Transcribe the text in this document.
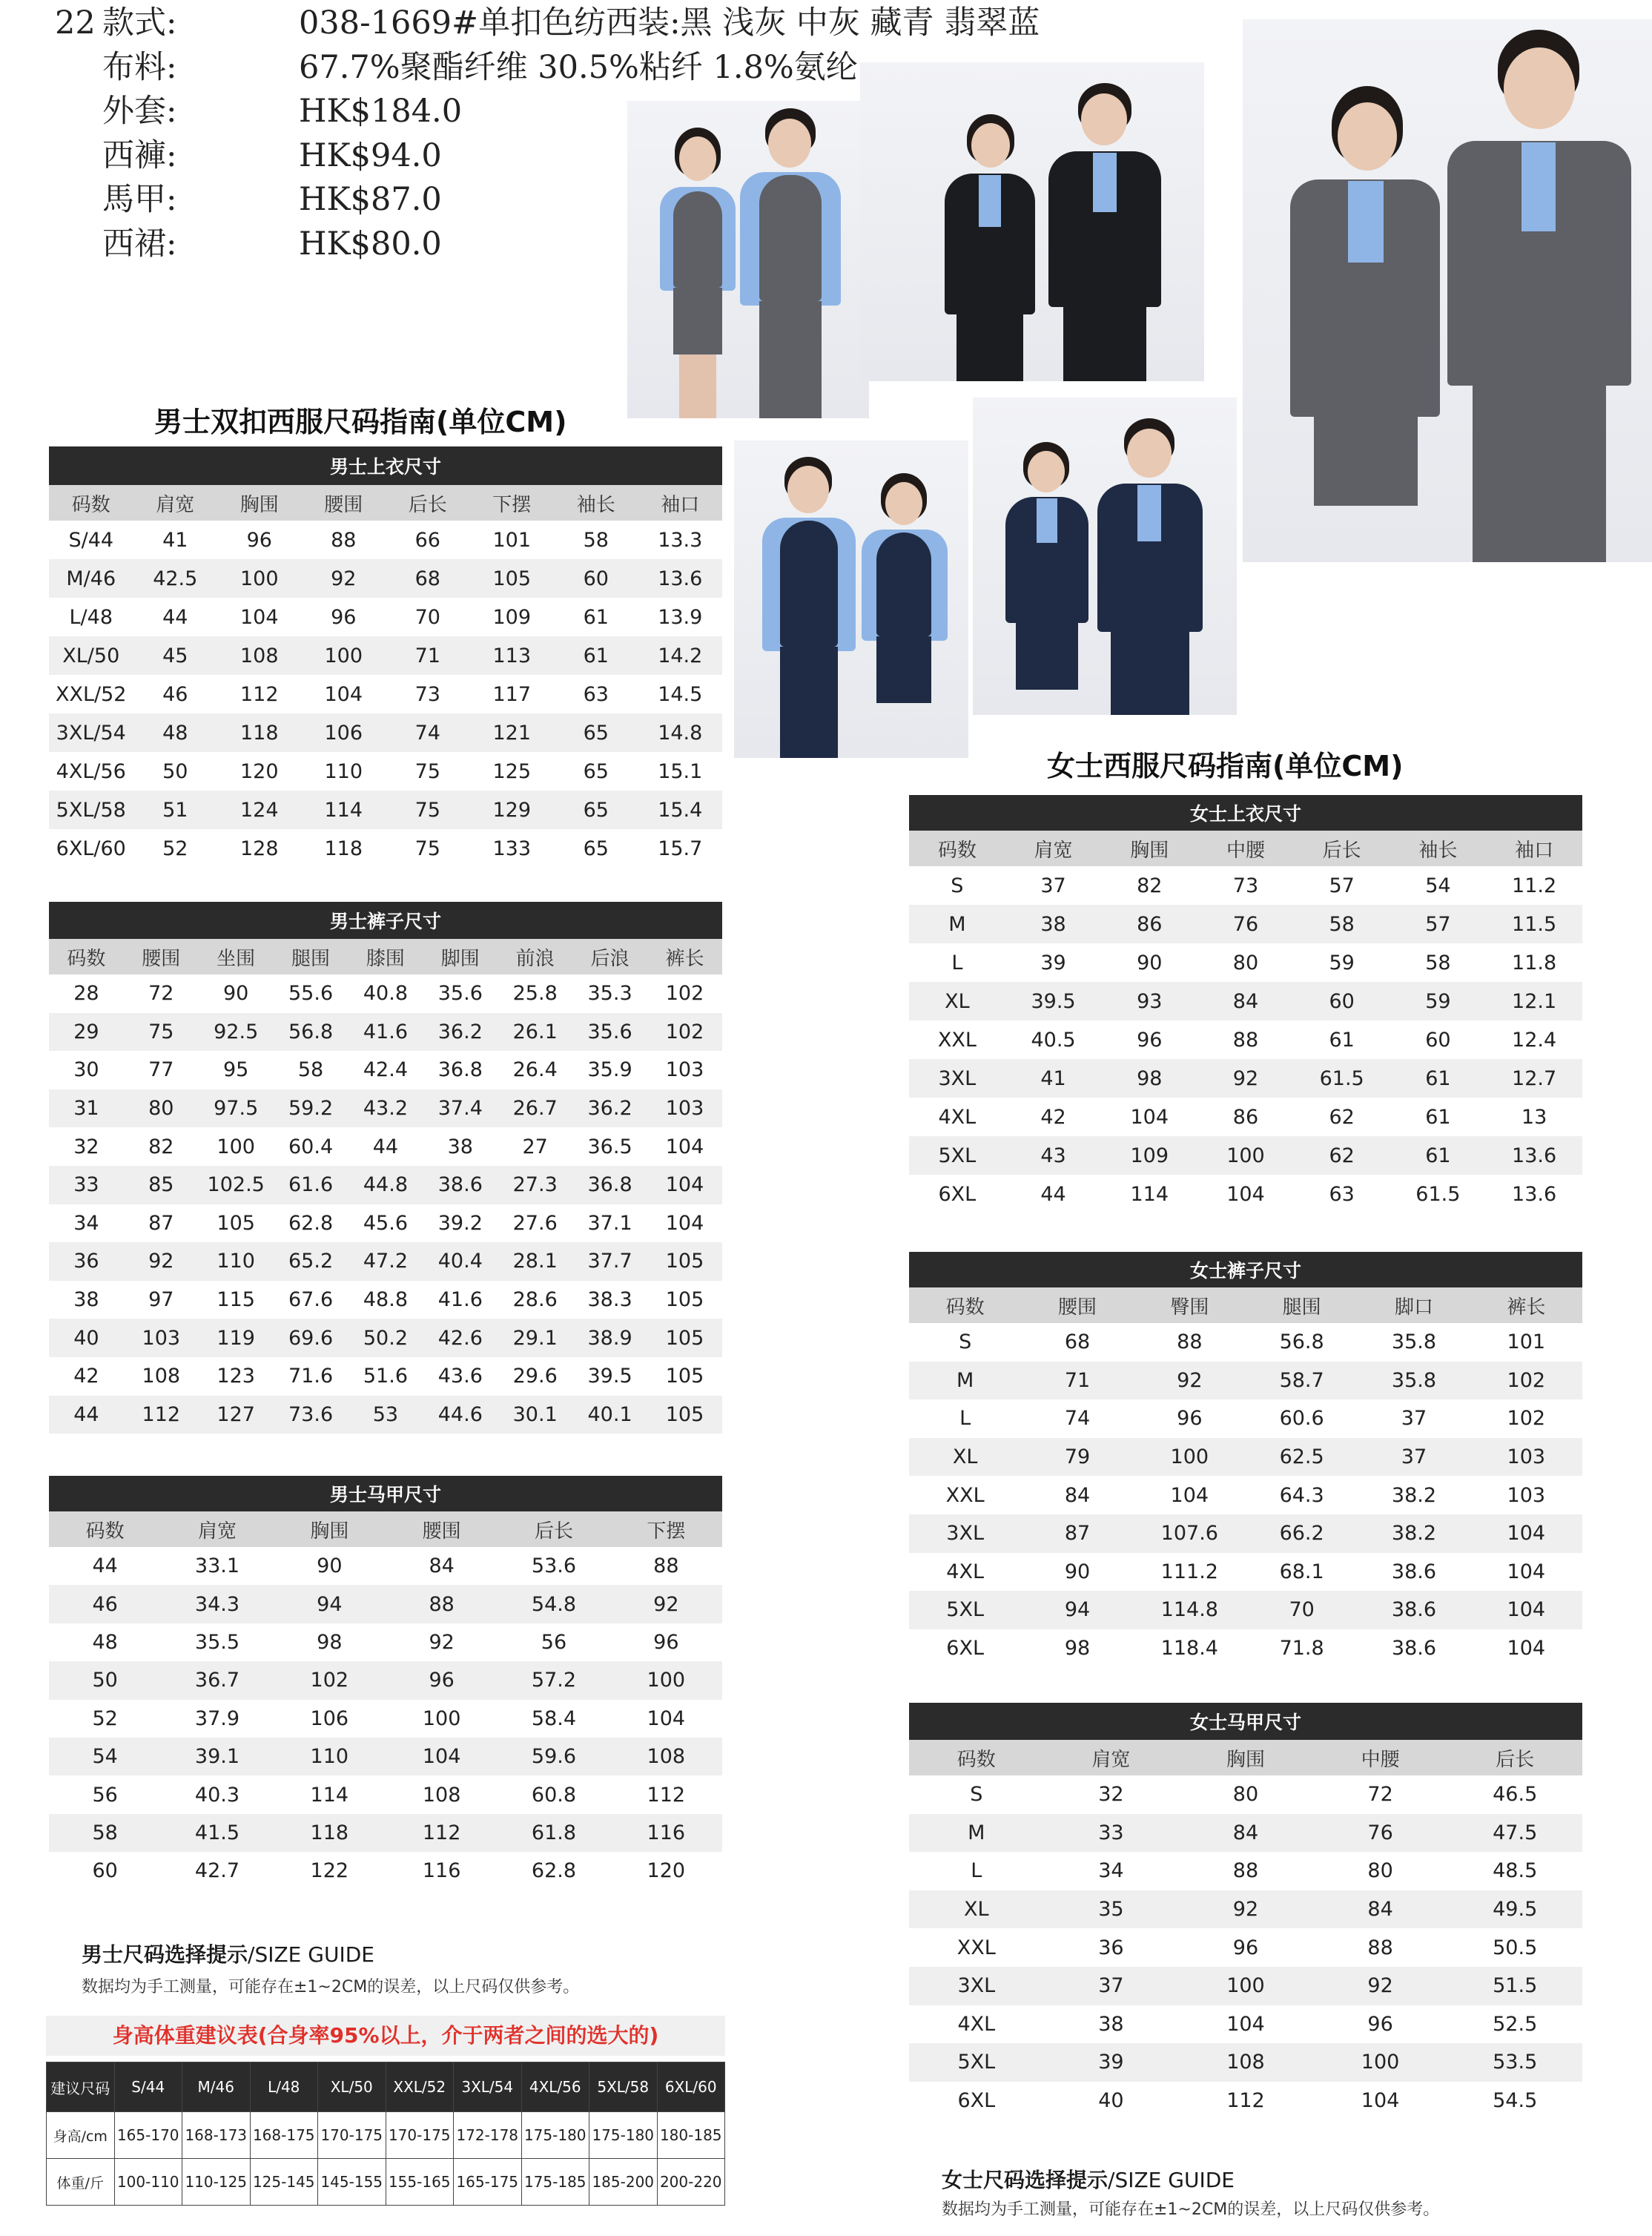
22 款式:	038-1669#单扣色纺西装:黑 浅灰 中灰 藏青 翡翠蓝
布料:	67.7%聚酯纤维 30.5%粘纤 1.8%氨纶
外套:	HK$184.0
西褲:	HK$94.0
馬甲:	HK$87.0
西裙:	HK$80.0
男士双扣西服尺码指南(单位CM)
男士上衣尺寸							
码数	肩宽	胸围	腰围	后长	下摆	袖长	袖口
S/44	41	96	88	66	101	58	13.3
M/46	42.5	100	92	68	105	60	13.6
L/48	44	104	96	70	109	61	13.9
XL/50	45	108	100	71	113	61	14.2
XXL/52	46	112	104	73	117	63	14.5
3XL/54	48	118	106	74	121	65	14.8
4XL/56	50	120	110	75	125	65	15.1
5XL/58	51	124	114	75	129	65	15.4
6XL/60	52	128	118	75	133	65	15.7
男士裤子尺寸								
码数	腰围	坐围	腿围	膝围	脚围	前浪	后浪	裤长
28	72	90	55.6	40.8	35.6	25.8	35.3	102
29	75	92.5	56.8	41.6	36.2	26.1	35.6	102
30	77	95	58	42.4	36.8	26.4	35.9	103
31	80	97.5	59.2	43.2	37.4	26.7	36.2	103
32	82	100	60.4	44	38	27	36.5	104
33	85	102.5	61.6	44.8	38.6	27.3	36.8	104
34	87	105	62.8	45.6	39.2	27.6	37.1	104
36	92	110	65.2	47.2	40.4	28.1	37.7	105
38	97	115	67.6	48.8	41.6	28.6	38.3	105
40	103	119	69.6	50.2	42.6	29.1	38.9	105
42	108	123	71.6	51.6	43.6	29.6	39.5	105
44	112	127	73.6	53	44.6	30.1	40.1	105
男士马甲尺寸					
码数	肩宽	胸围	腰围	后长	下摆
44	33.1	90	84	53.6	88
46	34.3	94	88	54.8	92
48	35.5	98	92	56	96
50	36.7	102	96	57.2	100
52	37.9	106	100	58.4	104
54	39.1	110	104	59.6	108
56	40.3	114	108	60.8	112
58	41.5	118	112	61.8	116
60	42.7	122	116	62.8	120
男士尺码选择提示/SIZE GUIDE
数据均为手工测量，可能存在±1~2CM的误差，以上尺码仅供参考。
身高体重建议表(合身率95%以上，介于两者之间的选大的)
建议尺码	S/44	M/46	L/48	XL/50	XXL/52	3XL/54	4XL/56	5XL/58	6XL/60
身高/cm	165-170	168-173	168-175	170-175	170-175	172-178	175-180	175-180	180-185
体重/斤	100-110	110-125	125-145	145-155	155-165	165-175	175-185	185-200	200-220
女士西服尺码指南(单位CM)
女士上衣尺寸						
码数	肩宽	胸围	中腰	后长	袖长	袖口
S	37	82	73	57	54	11.2
M	38	86	76	58	57	11.5
L	39	90	80	59	58	11.8
XL	39.5	93	84	60	59	12.1
XXL	40.5	96	88	61	60	12.4
3XL	41	98	92	61.5	61	12.7
4XL	42	104	86	62	61	13
5XL	43	109	100	62	61	13.6
6XL	44	114	104	63	61.5	13.6
女士裤子尺寸					
码数	腰围	臀围	腿围	脚口	裤长
S	68	88	56.8	35.8	101
M	71	92	58.7	35.8	102
L	74	96	60.6	37	102
XL	79	100	62.5	37	103
XXL	84	104	64.3	38.2	103
3XL	87	107.6	66.2	38.2	104
4XL	90	111.2	68.1	38.6	104
5XL	94	114.8	70	38.6	104
6XL	98	118.4	71.8	38.6	104
女士马甲尺寸				
码数	肩宽	胸围	中腰	后长
S	32	80	72	46.5
M	33	84	76	47.5
L	34	88	80	48.5
XL	35	92	84	49.5
XXL	36	96	88	50.5
3XL	37	100	92	51.5
4XL	38	104	96	52.5
5XL	39	108	100	53.5
6XL	40	112	104	54.5
女士尺码选择提示/SIZE GUIDE
数据均为手工测量，可能存在±1~2CM的误差，以上尺码仅供参考。
